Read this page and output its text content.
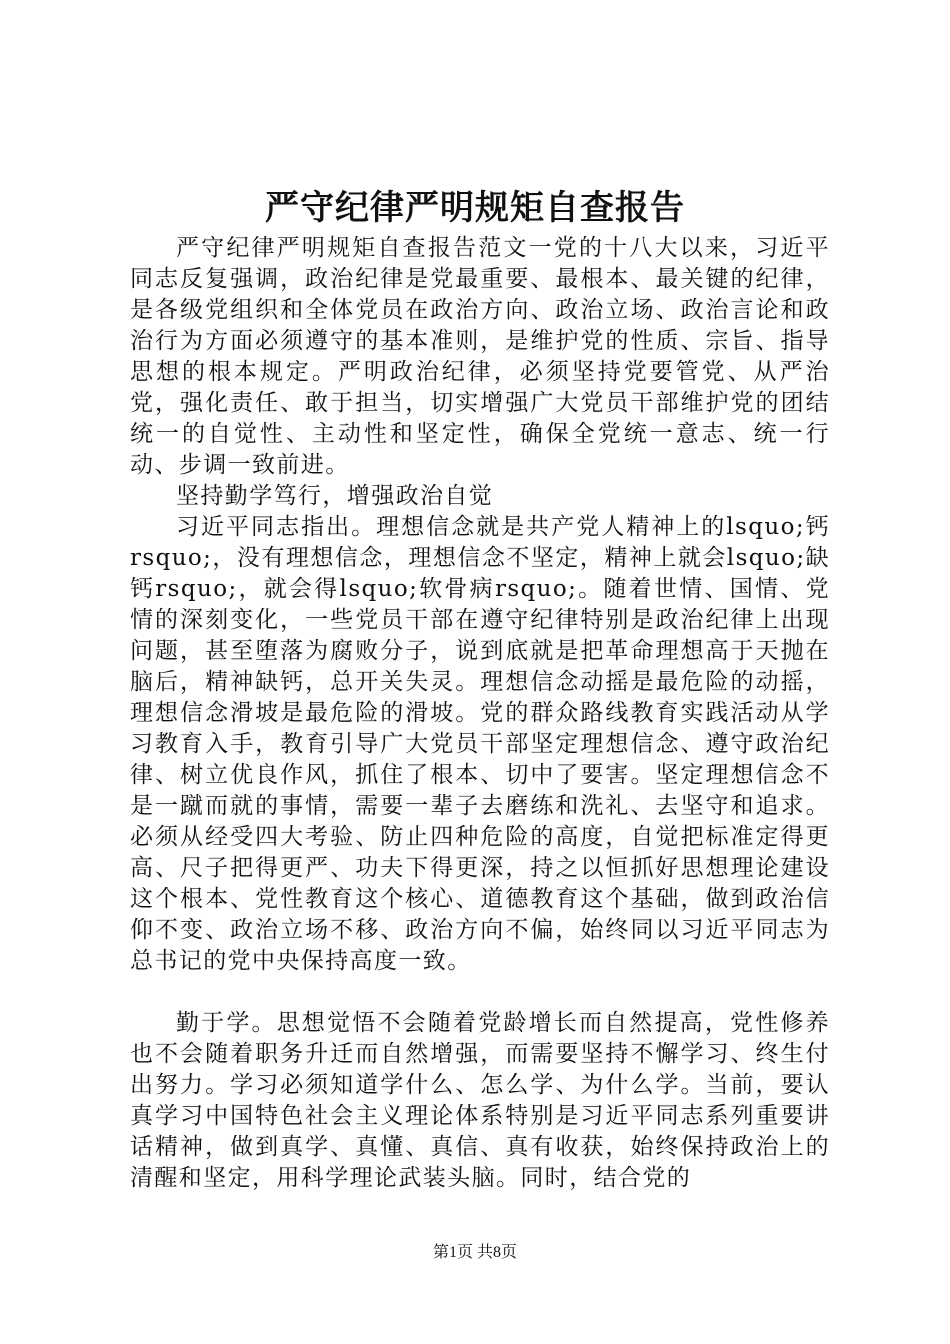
严守纪律严明规矩自查报告

严守纪律严明规矩自查报告范文一党的十八大以来，习近平同志反复强调，政治纪律是党最重要、最根本、最关键的纪律，是各级党组织和全体党员在政治方向、政治立场、政治言论和政治行为方面必须遵守的基本准则，是维护党的性质、宗旨、指导思想的根本规定。严明政治纪律，必须坚持党要管党、从严治党，强化责任、敢于担当，切实增强广大党员干部维护党的团结统一的自觉性、主动性和坚定性，确保全党统一意志、统一行动、步调一致前进。

坚持勤学笃行，增强政治自觉

习近平同志指出。理想信念就是共产党人精神上的lsquo;钙rsquo;，没有理想信念，理想信念不坚定，精神上就会lsquo;缺钙rsquo;，就会得lsquo;软骨病rsquo;。随着世情、国情、党情的深刻变化，一些党员干部在遵守纪律特别是政治纪律上出现问题，甚至堕落为腐败分子，说到底就是把革命理想高于天抛在脑后，精神缺钙，总开关失灵。理想信念动摇是最危险的动摇，理想信念滑坡是最危险的滑坡。党的群众路线教育实践活动从学习教育入手，教育引导广大党员干部坚定理想信念、遵守政治纪律、树立优良作风，抓住了根本、切中了要害。坚定理想信念不是一蹴而就的事情，需要一辈子去磨练和洗礼、去坚守和追求。必须从经受四大考验、防止四种危险的高度，自觉把标准定得更高、尺子把得更严、功夫下得更深，持之以恒抓好思想理论建设这个根本、党性教育这个核心、道德教育这个基础，做到政治信仰不变、政治立场不移、政治方向不偏，始终同以习近平同志为总书记的党中央保持高度一致。

勤于学。思想觉悟不会随着党龄增长而自然提高，党性修养也不会随着职务升迁而自然增强，而需要坚持不懈学习、终生付出努力。学习必须知道学什么、怎么学、为什么学。当前，要认真学习中国特色社会主义理论体系特别是习近平同志系列重要讲话精神，做到真学、真懂、真信、真有收获，始终保持政治上的清醒和坚定，用科学理论武装头脑。同时，结合党的

第1页 共8页
